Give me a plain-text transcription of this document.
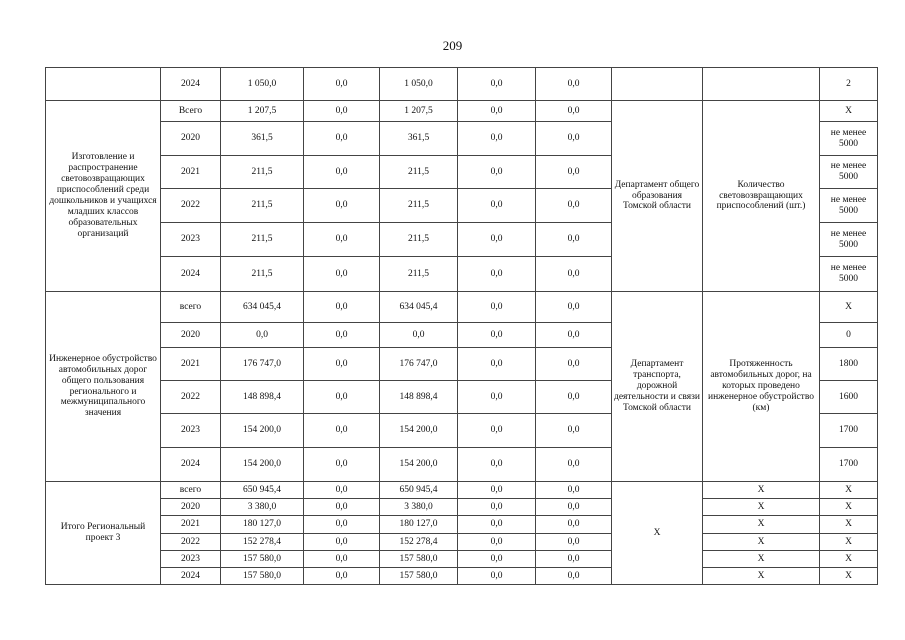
209
	2024	1 050,0	0,0	1 050,0	0,0	0,0			2
Изготовление и распространение световозвращающих приспособлений среди дошкольников и учащихся младших классов образовательных организаций	Всего	1 207,5	0,0	1 207,5	0,0	0,0	Департамент общего образования Томской области	Количество световозвращающих приспособлений (шт.)	Х
	2020	361,5	0,0	361,5	0,0	0,0			не менее 5000
	2021	211,5	0,0	211,5	0,0	0,0			не менее 5000
	2022	211,5	0,0	211,5	0,0	0,0			не менее 5000
	2023	211,5	0,0	211,5	0,0	0,0			не менее 5000
	2024	211,5	0,0	211,5	0,0	0,0			не менее 5000
Инженерное обустройство автомобильных дорог общего пользования регионального и межмуниципального значения	всего	634 045,4	0,0	634 045,4	0,0	0,0	Департамент транспорта, дорожной деятельности и связи Томской области	Протяженность автомобильных дорог, на которых проведено инженерное обустройство (км)	Х
	2020	0,0	0,0	0,0	0,0	0,0			0
	2021	176 747,0	0,0	176 747,0	0,0	0,0			1800
	2022	148 898,4	0,0	148 898,4	0,0	0,0			1600
	2023	154 200,0	0,0	154 200,0	0,0	0,0			1700
	2024	154 200,0	0,0	154 200,0	0,0	0,0			1700
Итого Региональный проект 3	всего	650 945,4	0,0	650 945,4	0,0	0,0	Х	Х	Х
	2020	3 380,0	0,0	3 380,0	0,0	0,0		Х	Х
	2021	180 127,0	0,0	180 127,0	0,0	0,0		Х	Х
	2022	152 278,4	0,0	152 278,4	0,0	0,0		Х	Х
	2023	157 580,0	0,0	157 580,0	0,0	0,0		Х	Х
	2024	157 580,0	0,0	157 580,0	0,0	0,0		Х	Х
